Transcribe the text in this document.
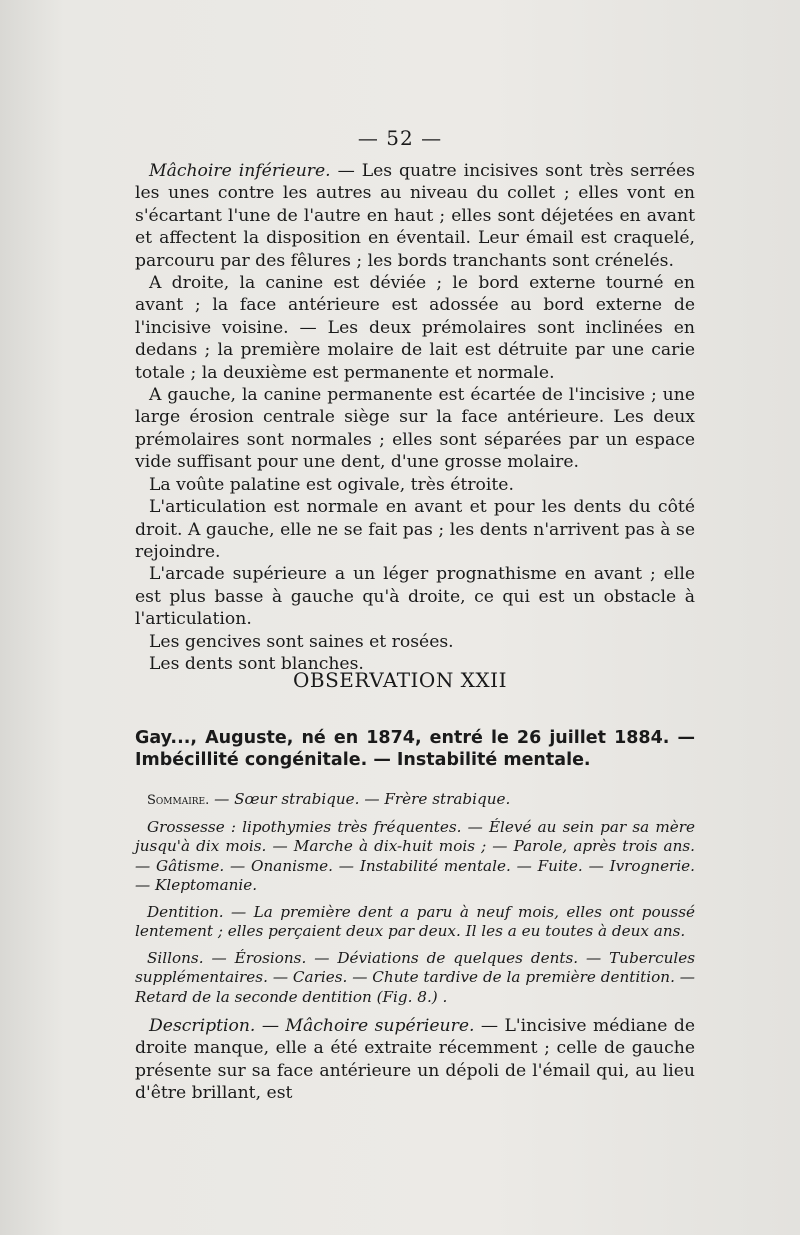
— 52 —

Mâchoire inférieure. — Les quatre incisives sont très serrées les unes contre les autres au niveau du collet ; elles vont en s'écartant l'une de l'autre en haut ; elles sont déjetées en avant et affectent la disposition en éventail. Leur émail est craquelé, parcouru par des fêlures ; les bords tranchants sont crénelés.

A droite, la canine est déviée ; le bord externe tourné en avant ; la face antérieure est adossée au bord externe de l'incisive voisine. — Les deux prémolaires sont inclinées en dedans ; la première molaire de lait est détruite par une carie totale ; la deuxième est permanente et normale.

A gauche, la canine permanente est écartée de l'incisive ; une large érosion centrale siège sur la face antérieure. Les deux prémolaires sont normales ; elles sont séparées par un espace vide suffisant pour une dent, d'une grosse molaire.

La voûte palatine est ogivale, très étroite.

L'articulation est normale en avant et pour les dents du côté droit. A gauche, elle ne se fait pas ; les dents n'arrivent pas à se rejoindre.

L'arcade supérieure a un léger prognathisme en avant ; elle est plus basse à gauche qu'à droite, ce qui est un obstacle à l'articulation.

Les gencives sont saines et rosées.

Les dents sont blanches.

OBSERVATION XXII

Gay..., Auguste, né en 1874, entré le 26 juillet 1884. — Imbécillité congénitale. — Instabilité mentale.

Sommaire. — Sœur strabique. — Frère strabique.

Grossesse : lipothymies très fréquentes. — Élevé au sein par sa mère jusqu'à dix mois. — Marche à dix-huit mois ; — Parole, après trois ans. — Gâtisme. — Onanisme. — Instabilité mentale. — Fuite. — Ivrognerie. — Kleptomanie.

Dentition. — La première dent a paru à neuf mois, elles ont poussé lentement ; elles perçaient deux par deux. Il les a eu toutes à deux ans.

Sillons. — Érosions. — Déviations de quelques dents. — Tubercules supplémentaires. — Caries. — Chute tardive de la première dentition. — Retard de la seconde dentition (Fig. 8.) .

Description. — Mâchoire supérieure. — L'incisive médiane de droite manque, elle a été extraite récemment ; celle de gauche présente sur sa face antérieure un dépoli de l'émail qui, au lieu d'être brillant, est
